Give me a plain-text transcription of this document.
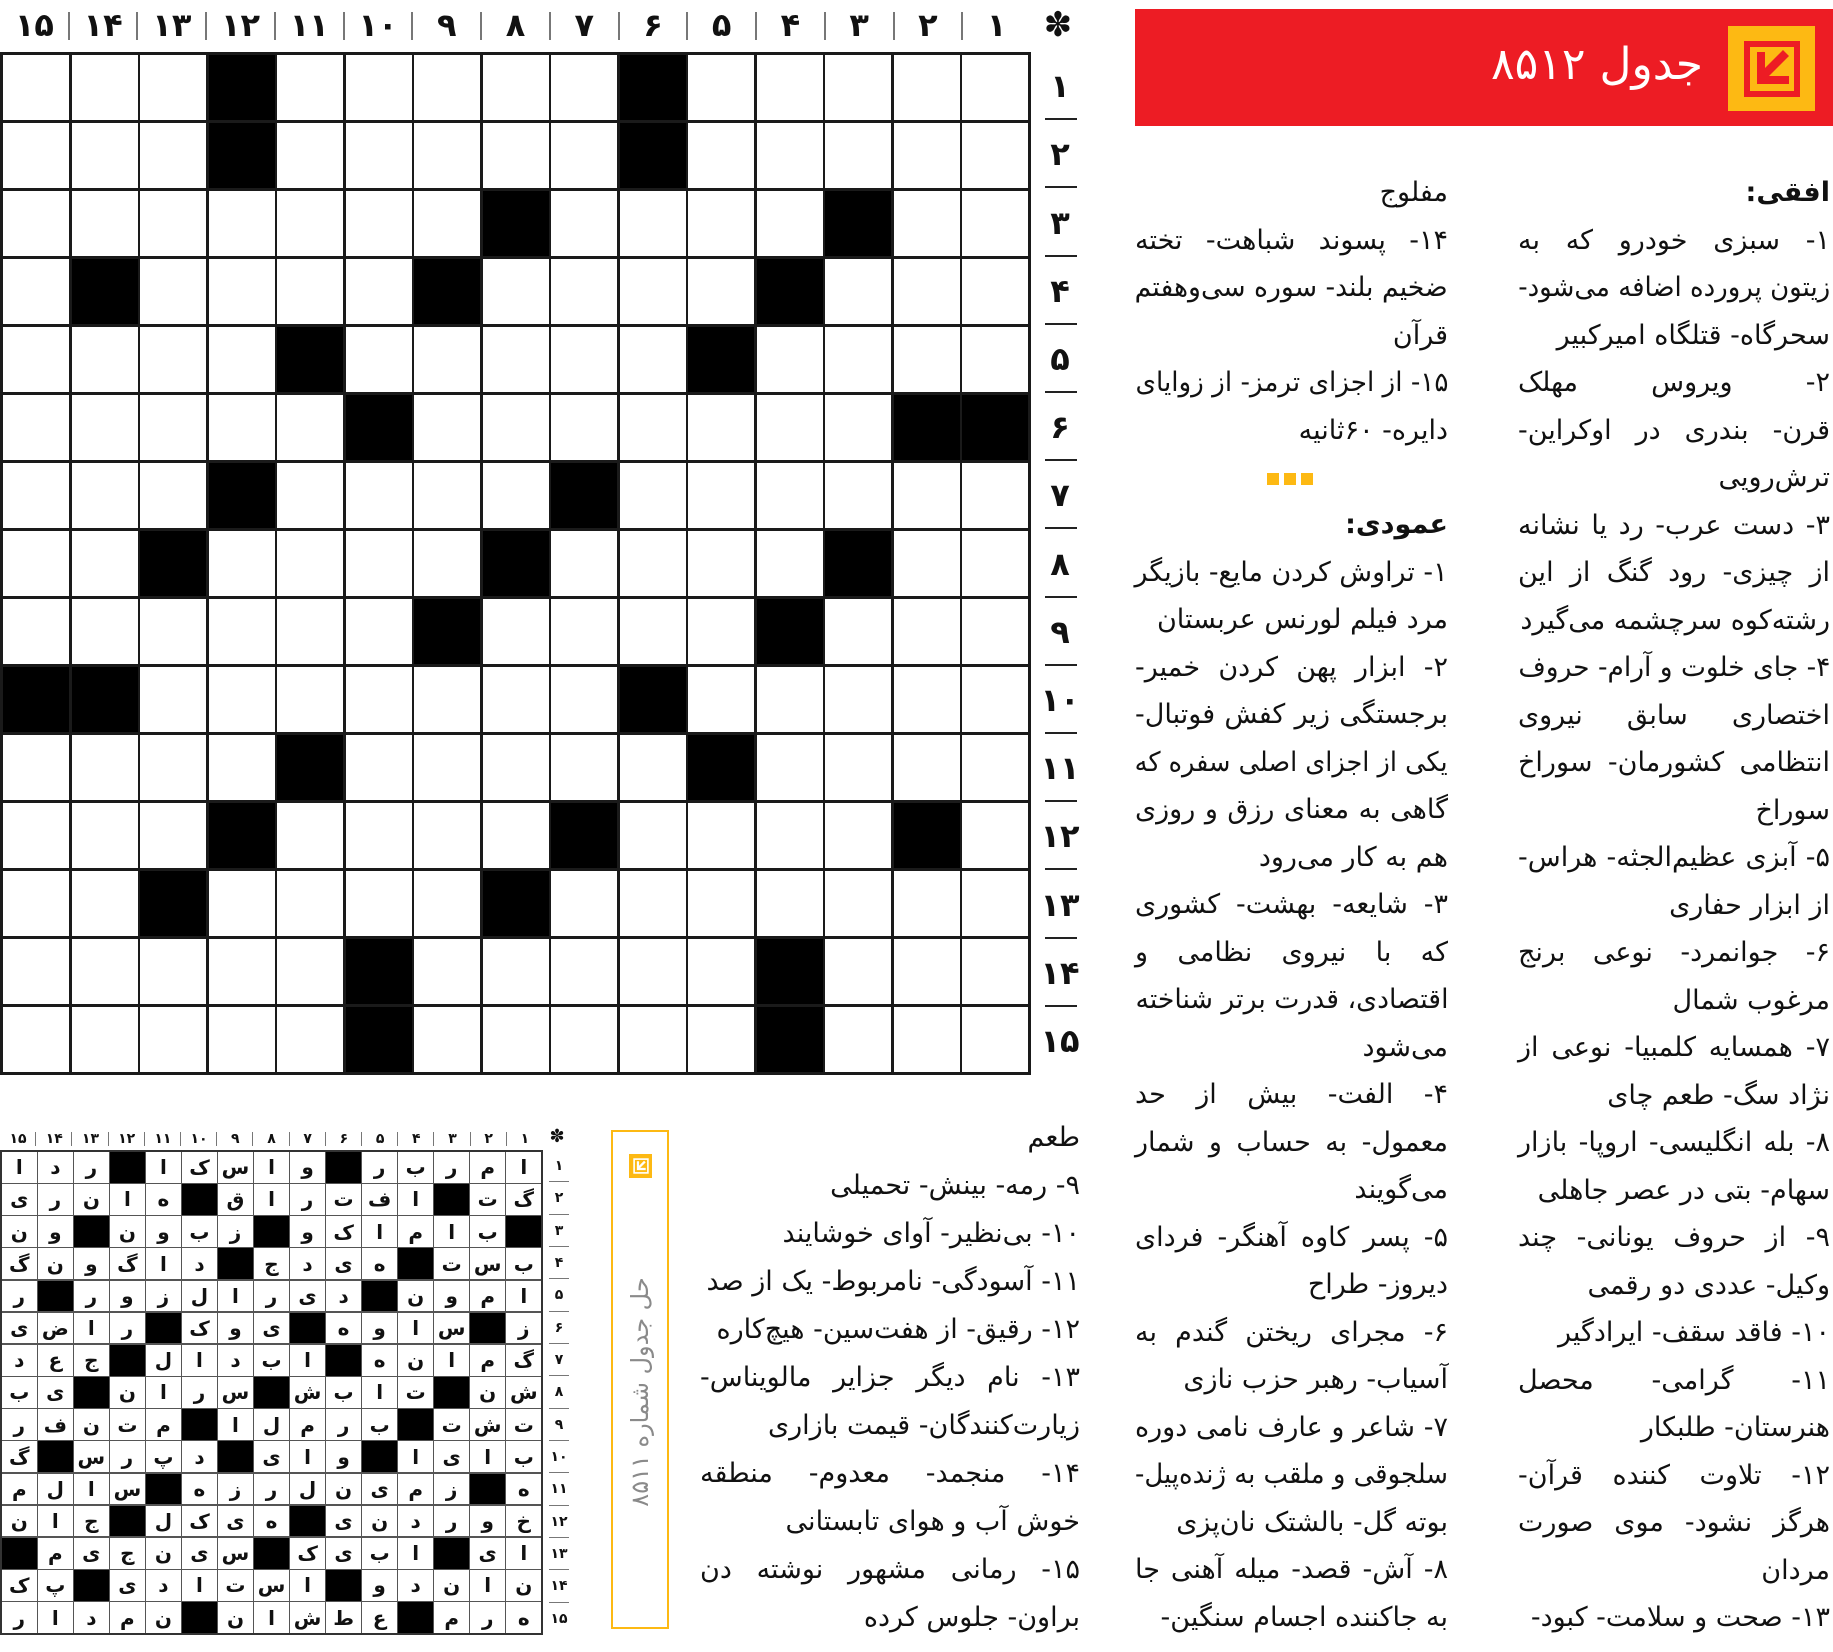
جدول ۸۵۱۲
۱
۲
۳
۴
۵
۶
۷
۸
۹
۱۰
۱۱
۱۲
۱۳
۱۴
۱۵	✽
۱
۲
۳
۴
۵
۶
۷
۸
۹
۱۰
۱۱
۱۲
۱۳
۱۴
۱۵
افقی:
۱- سبزی خودرو که به
زیتون پرورده اضافه می‌شود-
سحرگاه- قتلگاه امیرکبیر
۲- ویروس مهلک
قرن- بندری در اوکراین-
ترش‌رویی
۳- دست عرب- رد یا نشانه
از چیزی- رود گنگ از این
رشته‌کوه سرچشمه می‌گیرد
۴- جای خلوت و آرام- حروف
اختصاری سابق نیروی
انتظامی کشورمان- سوراخ
سوراخ
۵- آبزی عظیم‌الجثه- هراس-
از ابزار حفاری
۶- جوانمرد- نوعی برنج
مرغوب شمال
۷- همسایه کلمبیا- نوعی از
نژاد سگ- طعم چای
۸- بله انگلیسی- اروپا- بازار
سهام- بتی در عصر جاهلی
۹- از حروف یونانی- چند
وکیل- عددی دو رقمی
۱۰- فاقد سقف- ایرادگیر
۱۱- گرامی- محصل
هنرستان- طلبکار
۱۲- تلاوت کننده قرآن-
هرگز نشود- موی صورت
مردان
۱۳- صحت و سلامت- کبود-
مفلوج
۱۴- پسوند شباهت- تخته
ضخیم بلند- سوره سی‌وهفتم
قرآن
۱۵- از اجزای ترمز- از زوایای
دایره- ۶۰ثانیه
عمودی:
۱- تراوش کردن مایع- بازیگر
مرد فیلم لورنس عربستان
۲- ابزار پهن کردن خمیر-
برجستگی زیر کفش فوتبال-
یکی از اجزای اصلی سفره که
گاهی به معنای رزق و روزی
هم به کار می‌رود
۳- شایعه- بهشت- کشوری
که با نیروی نظامی و
اقتصادی، قدرت برتر شناخته
می‌شود
۴- الفت- بیش از حد
معمول- به حساب و شمار
می‌گویند
۵- پسر کاوه آهنگر- فردای
دیروز- طراح
۶- مجرای ریختن گندم به
آسیاب- رهبر حزب نازی
۷- شاعر و عارف نامی دوره
سلجوقی و ملقب به ژنده‌پیل-
بوته گل- بالشتک نان‌پزی
۸- آش- قصد- میله آهنی جا
به جاکننده اجسام سنگین-
طعم
۹- رمه- بینش- تحمیلی
۱۰- بی‌نظیر- آوای خوشایند
۱۱- آسودگی- نامربوط- یک از صد
۱۲- رقیق- از هفت‌سین- هیچ‌کاره
۱۳- نام دیگر جزایر مالویناس-
زیارت‌کنندگان- قیمت بازاری
۱۴- منجمد- معدوم- منطقه
خوش آب و هوای تابستانی
۱۵- رمانی مشهور نوشته دن
براون- جلوس کرده
حل جدول شماره ۸۵۱۱
۱
۲
۳
۴
۵
۶
۷
۸
۹
۱۰
۱۱
۱۲
۱۳
۱۴
۱۵	✽
ا
م
ر
ب
ر
و
ا
س
ک
ا
ر
د
ا
گ
ت
ا
ف
ت
ر
ا
ق
ه
ا
ن
ر
ی
ب
ا
م
ا
ک
و
ز
ب
و
ن
و
ن
ب
س
ت
ه
ی
د
ج
د
ا
گ
و
ن
گ
ا
م
و
ن
د
ی
ر
ا
ل
ز
و
ر
ر
ز
س
ا
و
ه
ی
و
ک
ر
ا
ض
ی
گ
م
ا
ن
ه
ا
ب
د
ا
ل
ج
ع
د
ش
ن
ت
ا
ب
ش
س
ر
ا
ن
ی
ب
ت
ش
ت
ب
ر
م
ل
ا
م
ت
ن
ف
ر
ب
ا
ی
ا
و
ا
ی
د
پ
ر
س
گ
ه
ز
م
ی
ن
ل
ر
ز
ه
س
ا
ل
م
خ
و
ر
د
ن
ی
ه
ی
ک
ل
ج
ا
ن
ا
ی
ا
ب
ی
ک
س
ی
ن
ج
ی
م
ن
ا
ن
د
و
ا
س
ت
ا
د
ی
پ
ک
ه
ر
م
ع
ط
ش
ا
ن
ن
م
د
ا
ر
۱
۲
۳
۴
۵
۶
۷
۸
۹
۱۰
۱۱
۱۲
۱۳
۱۴
۱۵
